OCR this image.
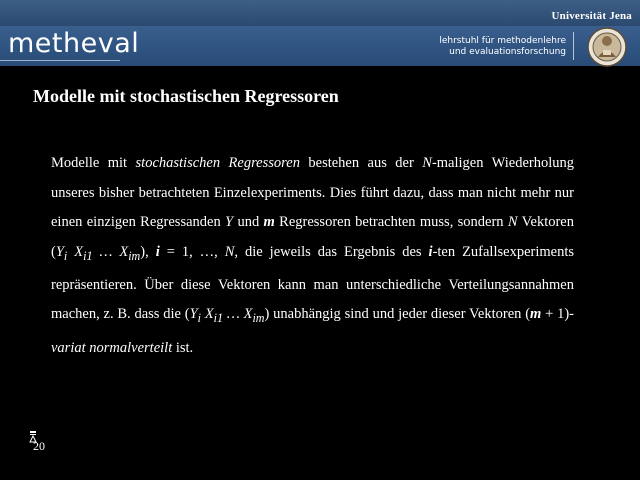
Universität Jena
metheval	lehrstuhl für methodenlehre
und evaluationsforschung
Modelle mit stochastischen Regressoren
Modelle mit stochastischen Regressoren bestehen aus der N-maligen Wiederholung unseres bisher betrachteten Einzelexperiments. Dies führt dazu, dass man nicht mehr nur einen einzigen Regressanden Y und m Regressoren betrachten muss, sondern N Vektoren ($Y_i$ $X_{i1}$ … $X_{im}$), i = 1, …, N, die jeweils das Ergebnis des i-ten Zufallsexperiments repräsentieren. Über diese Vektoren kann man unterschiedliche Verteilungsannahmen machen, z. B. dass die ($Y_i$ $X_{i1}$ … $X_{im}$) unabhängig sind und jeder dieser Vektoren (m + 1)-variat normalverteilt ist.
20
